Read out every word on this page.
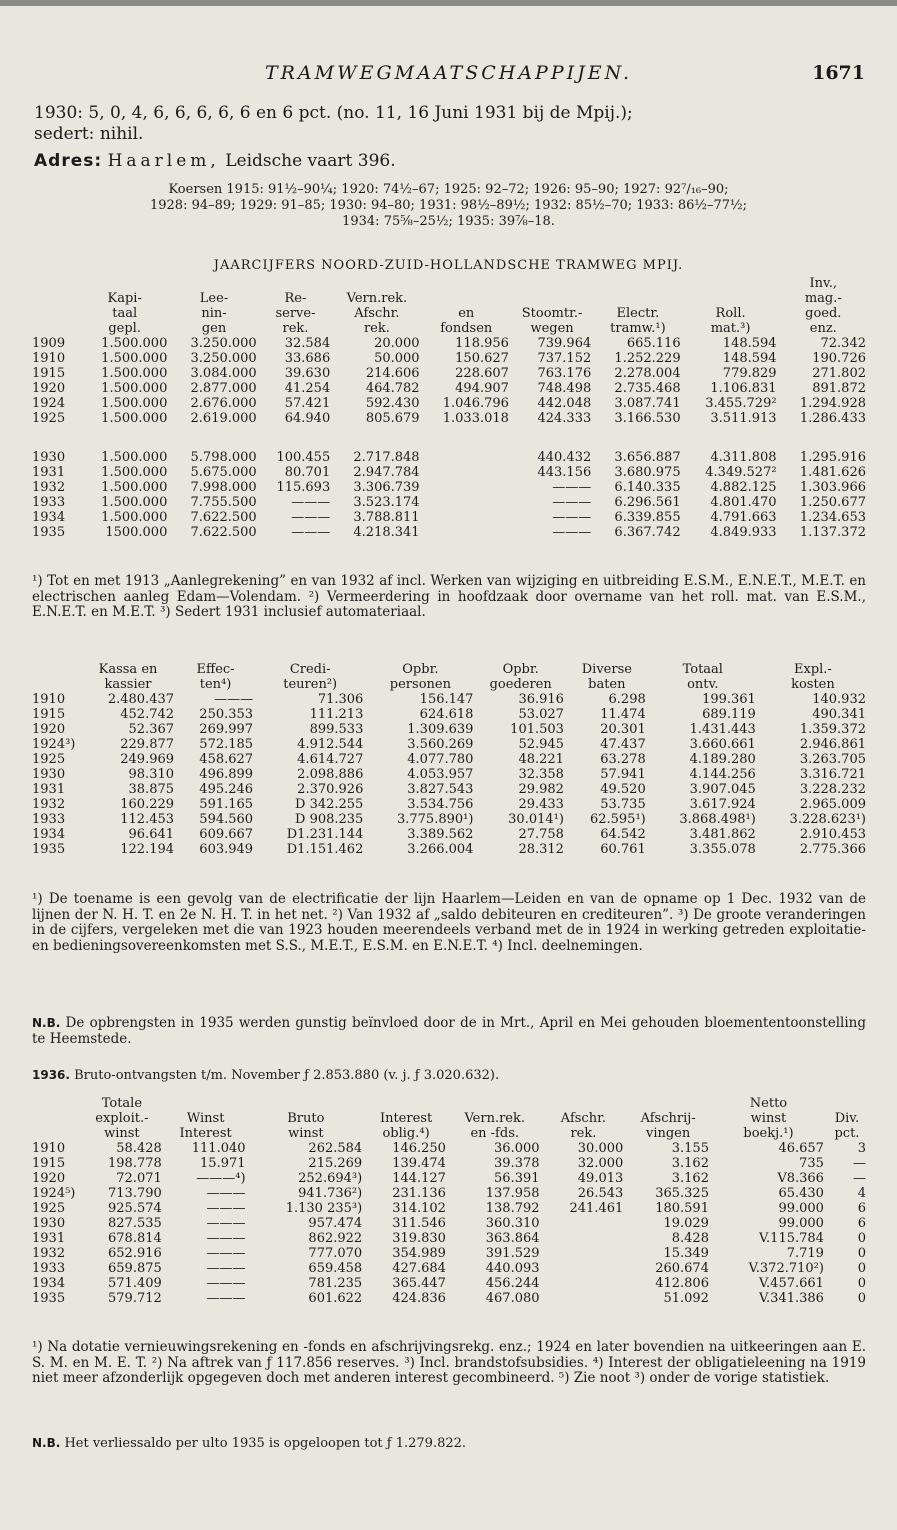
TRAMWEGMAATSCHAPPIJEN.	1671
1930: 5, 0, 4, 6, 6, 6, 6, 6 en 6 pct. (no. 11, 16 Juni 1931 bij de Mpij.);
sedert: nihil.
Adres: Haarlem, Leidsche vaart 396.
Koersen 1915: 91½–90¼; 1920: 74½–67; 1925: 92–72; 1926: 95–90; 1927: 92⁷/₁₆–90;
1928: 94–89; 1929: 91–85; 1930: 94–80; 1931: 98½–89½; 1932: 85½–70; 1933: 86½–77½;
1934: 75⅝–25½; 1935: 39⅞–18.
JAARCIJFERS NOORD-ZUID-HOLLANDSCHE TRAMWEG MPIJ.
									Inv.,
	Kapi-	Lee-	Re-	Vern.rek.					mag.-
	taal	nin-	serve-	Afschr.	en	Stoomtr.-	Electr.	Roll.	goed.
	gepl.	gen	rek.	rek.	fondsen	wegen	tramw.¹)	mat.³)	enz.
1909	1.500.000	3.250.000	32.584	20.000	118.956	739.964	665.116	148.594	72.342
1910	1.500.000	3.250.000	33.686	50.000	150.627	737.152	1.252.229	148.594	190.726
1915	1.500.000	3.084.000	39.630	214.606	228.607	763.176	2.278.004	779.829	271.802
1920	1.500.000	2.877.000	41.254	464.782	494.907	748.498	2.735.468	1.106.831	891.872
1924	1.500.000	2.676.000	57.421	592.430	1.046.796	442.048	3.087.741	3.455.729²	1.294.928
1925	1.500.000	2.619.000	64.940	805.679	1.033.018	424.333	3.166.530	3.511.913	1.286.433

1930	1.500.000	5.798.000	100.455	2.717.848		440.432	3.656.887	4.311.808	1.295.916
1931	1.500.000	5.675.000	80.701	2.947.784		443.156	3.680.975	4.349.527²	1.481.626
1932	1.500.000	7.998.000	115.693	3.306.739		———	6.140.335	4.882.125	1.303.966
1933	1.500.000	7.755.500	———	3.523.174		———	6.296.561	4.801.470	1.250.677
1934	1.500.000	7.622.500	———	3.788.811		———	6.339.855	4.791.663	1.234.653
1935	1500.000	7.622.500	———	4.218.341		———	6.367.742	4.849.933	1.137.372
¹) Tot en met 1913 „Aanlegrekening” en van 1932 af incl. Werken van wijziging en uitbreiding E.S.M., E.N.E.T., M.E.T. en electrischen aanleg Edam—Volendam. ²) Vermeerdering in hoofdzaak door overname van het roll. mat. van E.S.M., E.N.E.T. en M.E.T. ³) Sedert 1931 inclusief automateriaal.
	Kassa en	Effec-	Credi-	Opbr.	Opbr.	Diverse	Totaal	Expl.-
	kassier	ten⁴)	teuren²)	personen	goederen	baten	ontv.	kosten
1910	2.480.437	———	71.306	156.147	36.916	6.298	199.361	140.932
1915	452.742	250.353	111.213	624.618	53.027	11.474	689.119	490.341
1920	52.367	269.997	899.533	1.309.639	101.503	20.301	1.431.443	1.359.372
1924³)	229.877	572.185	4.912.544	3.560.269	52.945	47.437	3.660.661	2.946.861
1925	249.969	458.627	4.614.727	4.077.780	48.221	63.278	4.189.280	3.263.705
1930	98.310	496.899	2.098.886	4.053.957	32.358	57.941	4.144.256	3.316.721
1931	38.875	495.246	2.370.926	3.827.543	29.982	49.520	3.907.045	3.228.232
1932	160.229	591.165	D 342.255	3.534.756	29.433	53.735	3.617.924	2.965.009
1933	112.453	594.560	D 908.235	3.775.890¹)	30.014¹)	62.595¹)	3.868.498¹)	3.228.623¹)
1934	96.641	609.667	D1.231.144	3.389.562	27.758	64.542	3.481.862	2.910.453
1935	122.194	603.949	D1.151.462	3.266.004	28.312	60.761	3.355.078	2.775.366
¹) De toename is een gevolg van de electrificatie der lijn Haarlem—Leiden en van de opname op 1 Dec. 1932 van de lijnen der N. H. T. en 2e N. H. T. in het net. ²) Van 1932 af „saldo debiteuren en crediteuren”. ³) De groote veranderingen in de cijfers, vergeleken met die van 1923 houden meerendeels verband met de in 1924 in werking getreden exploitatie- en bedieningsovereenkomsten met S.S., M.E.T., E.S.M. en E.N.E.T. ⁴) Incl. deelnemingen.
N.B. De opbrengsten in 1935 werden gunstig beïnvloed door de in Mrt., April en Mei gehouden bloemententoonstelling te Heemstede.
1936. Bruto-ontvangsten t/m. November ƒ 2.853.880 (v. j. ƒ 3.020.632).
	Totale							Netto	
	exploit.-	Winst	Bruto	Interest	Vern.rek.	Afschr.	Afschrij-	winst	Div.
	winst	Interest	winst	oblig.⁴)	en -fds.	rek.	vingen	boekj.¹)	pct.
1910	58.428	111.040	262.584	146.250	36.000	30.000	3.155	46.657	3
1915	198.778	15.971	215.269	139.474	39.378	32.000	3.162	735	—
1920	72.071	———⁴)	252.694³)	144.127	56.391	49.013	3.162	V8.366	—
1924⁵)	713.790	———	941.736²)	231.136	137.958	26.543	365.325	65.430	4
1925	925.574	———	1.130 235³)	314.102	138.792	241.461	180.591	99.000	6
1930	827.535	———	957.474	311.546	360.310		19.029	99.000	6
1931	678.814	———	862.922	319.830	363.864		8.428	V.115.784	0
1932	652.916	———	777.070	354.989	391.529		15.349	7.719	0
1933	659.875	———	659.458	427.684	440.093		260.674	V.372.710²)	0
1934	571.409	———	781.235	365.447	456.244		412.806	V.457.661	0
1935	579.712	———	601.622	424.836	467.080		51.092	V.341.386	0
¹) Na dotatie vernieuwingsrekening en -fonds en afschrijvingsrekg. enz.; 1924 en later bovendien na uitkeeringen aan E. S. M. en M. E. T. ²) Na aftrek van ƒ 117.856 reserves. ³) Incl. brandstofsubsidies. ⁴) Interest der obligatieleening na 1919 niet meer afzonderlijk opgegeven doch met anderen interest gecombineerd. ⁵) Zie noot ³) onder de vorige statistiek.
N.B. Het verliessaldo per ulto 1935 is opgeloopen tot ƒ 1.279.822.
